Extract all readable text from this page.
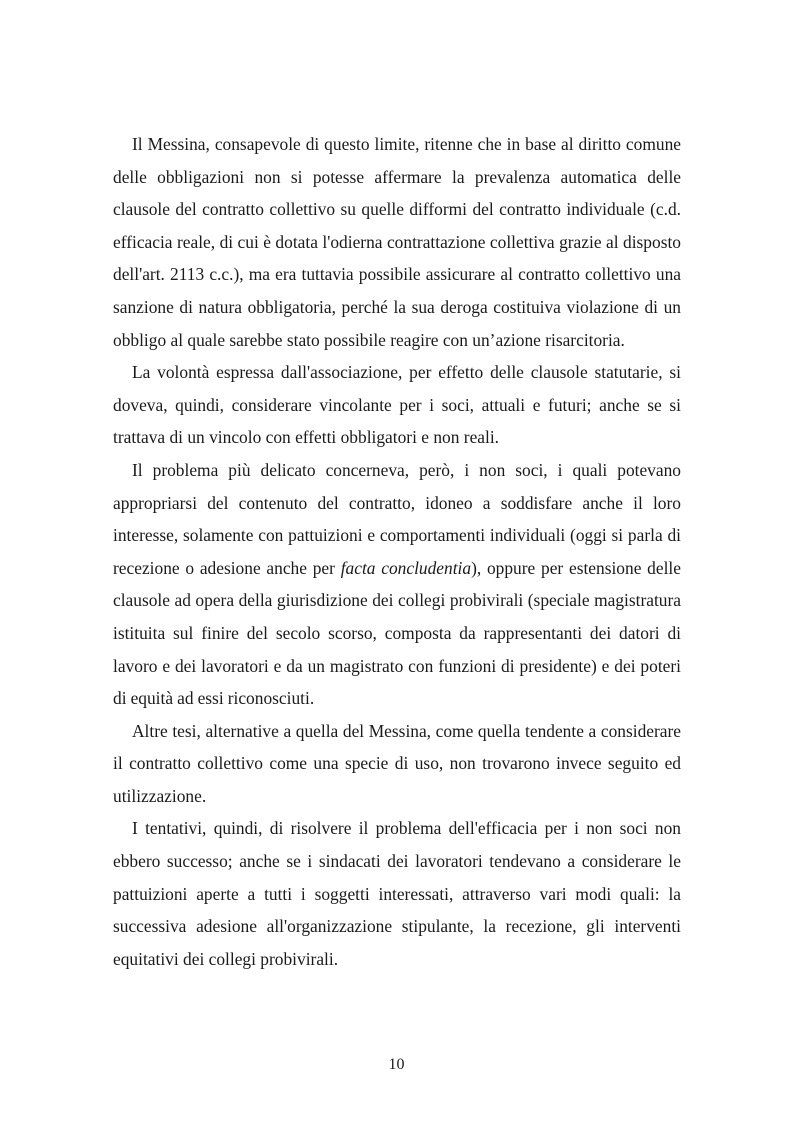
Il Messina, consapevole di questo limite, ritenne che in base al diritto comune delle obbligazioni non si potesse affermare la prevalenza automatica delle clausole del contratto collettivo su quelle difformi del contratto individuale (c.d. efficacia reale, di cui è dotata l'odierna contrattazione collettiva grazie al disposto dell'art. 2113 c.c.), ma era tuttavia possibile assicurare al contratto collettivo una sanzione di natura obbligatoria, perché la sua deroga costituiva violazione di un obbligo al quale sarebbe stato possibile reagire con un’azione risarcitoria.

La volontà espressa dall'associazione, per effetto delle clausole statutarie, si doveva, quindi, considerare vincolante per i soci, attuali e futuri; anche se si trattava di un vincolo con effetti obbligatori e non reali.

Il problema più delicato concerneva, però, i non soci, i quali potevano appropriarsi del contenuto del contratto, idoneo a soddisfare anche il loro interesse, solamente con pattuizioni e comportamenti individuali (oggi si parla di recezione o adesione anche per facta concludentia), oppure per estensione delle clausole ad opera della giurisdizione dei collegi probivirali (speciale magistratura istituita sul finire del secolo scorso, composta da rappresentanti dei datori di lavoro e dei lavoratori e da un magistrato con funzioni di presidente) e dei poteri di equità ad essi riconosciuti.

Altre tesi, alternative a quella del Messina, come quella tendente a considerare il contratto collettivo come una specie di uso, non trovarono invece seguito ed utilizzazione.

I tentativi, quindi, di risolvere il problema dell'efficacia per i non soci non ebbero successo; anche se i sindacati dei lavoratori tendevano a considerare le pattuizioni aperte a tutti i soggetti interessati, attraverso vari modi quali: la successiva adesione all'organizzazione stipulante, la recezione, gli interventi equitativi dei collegi probivirali.

10
